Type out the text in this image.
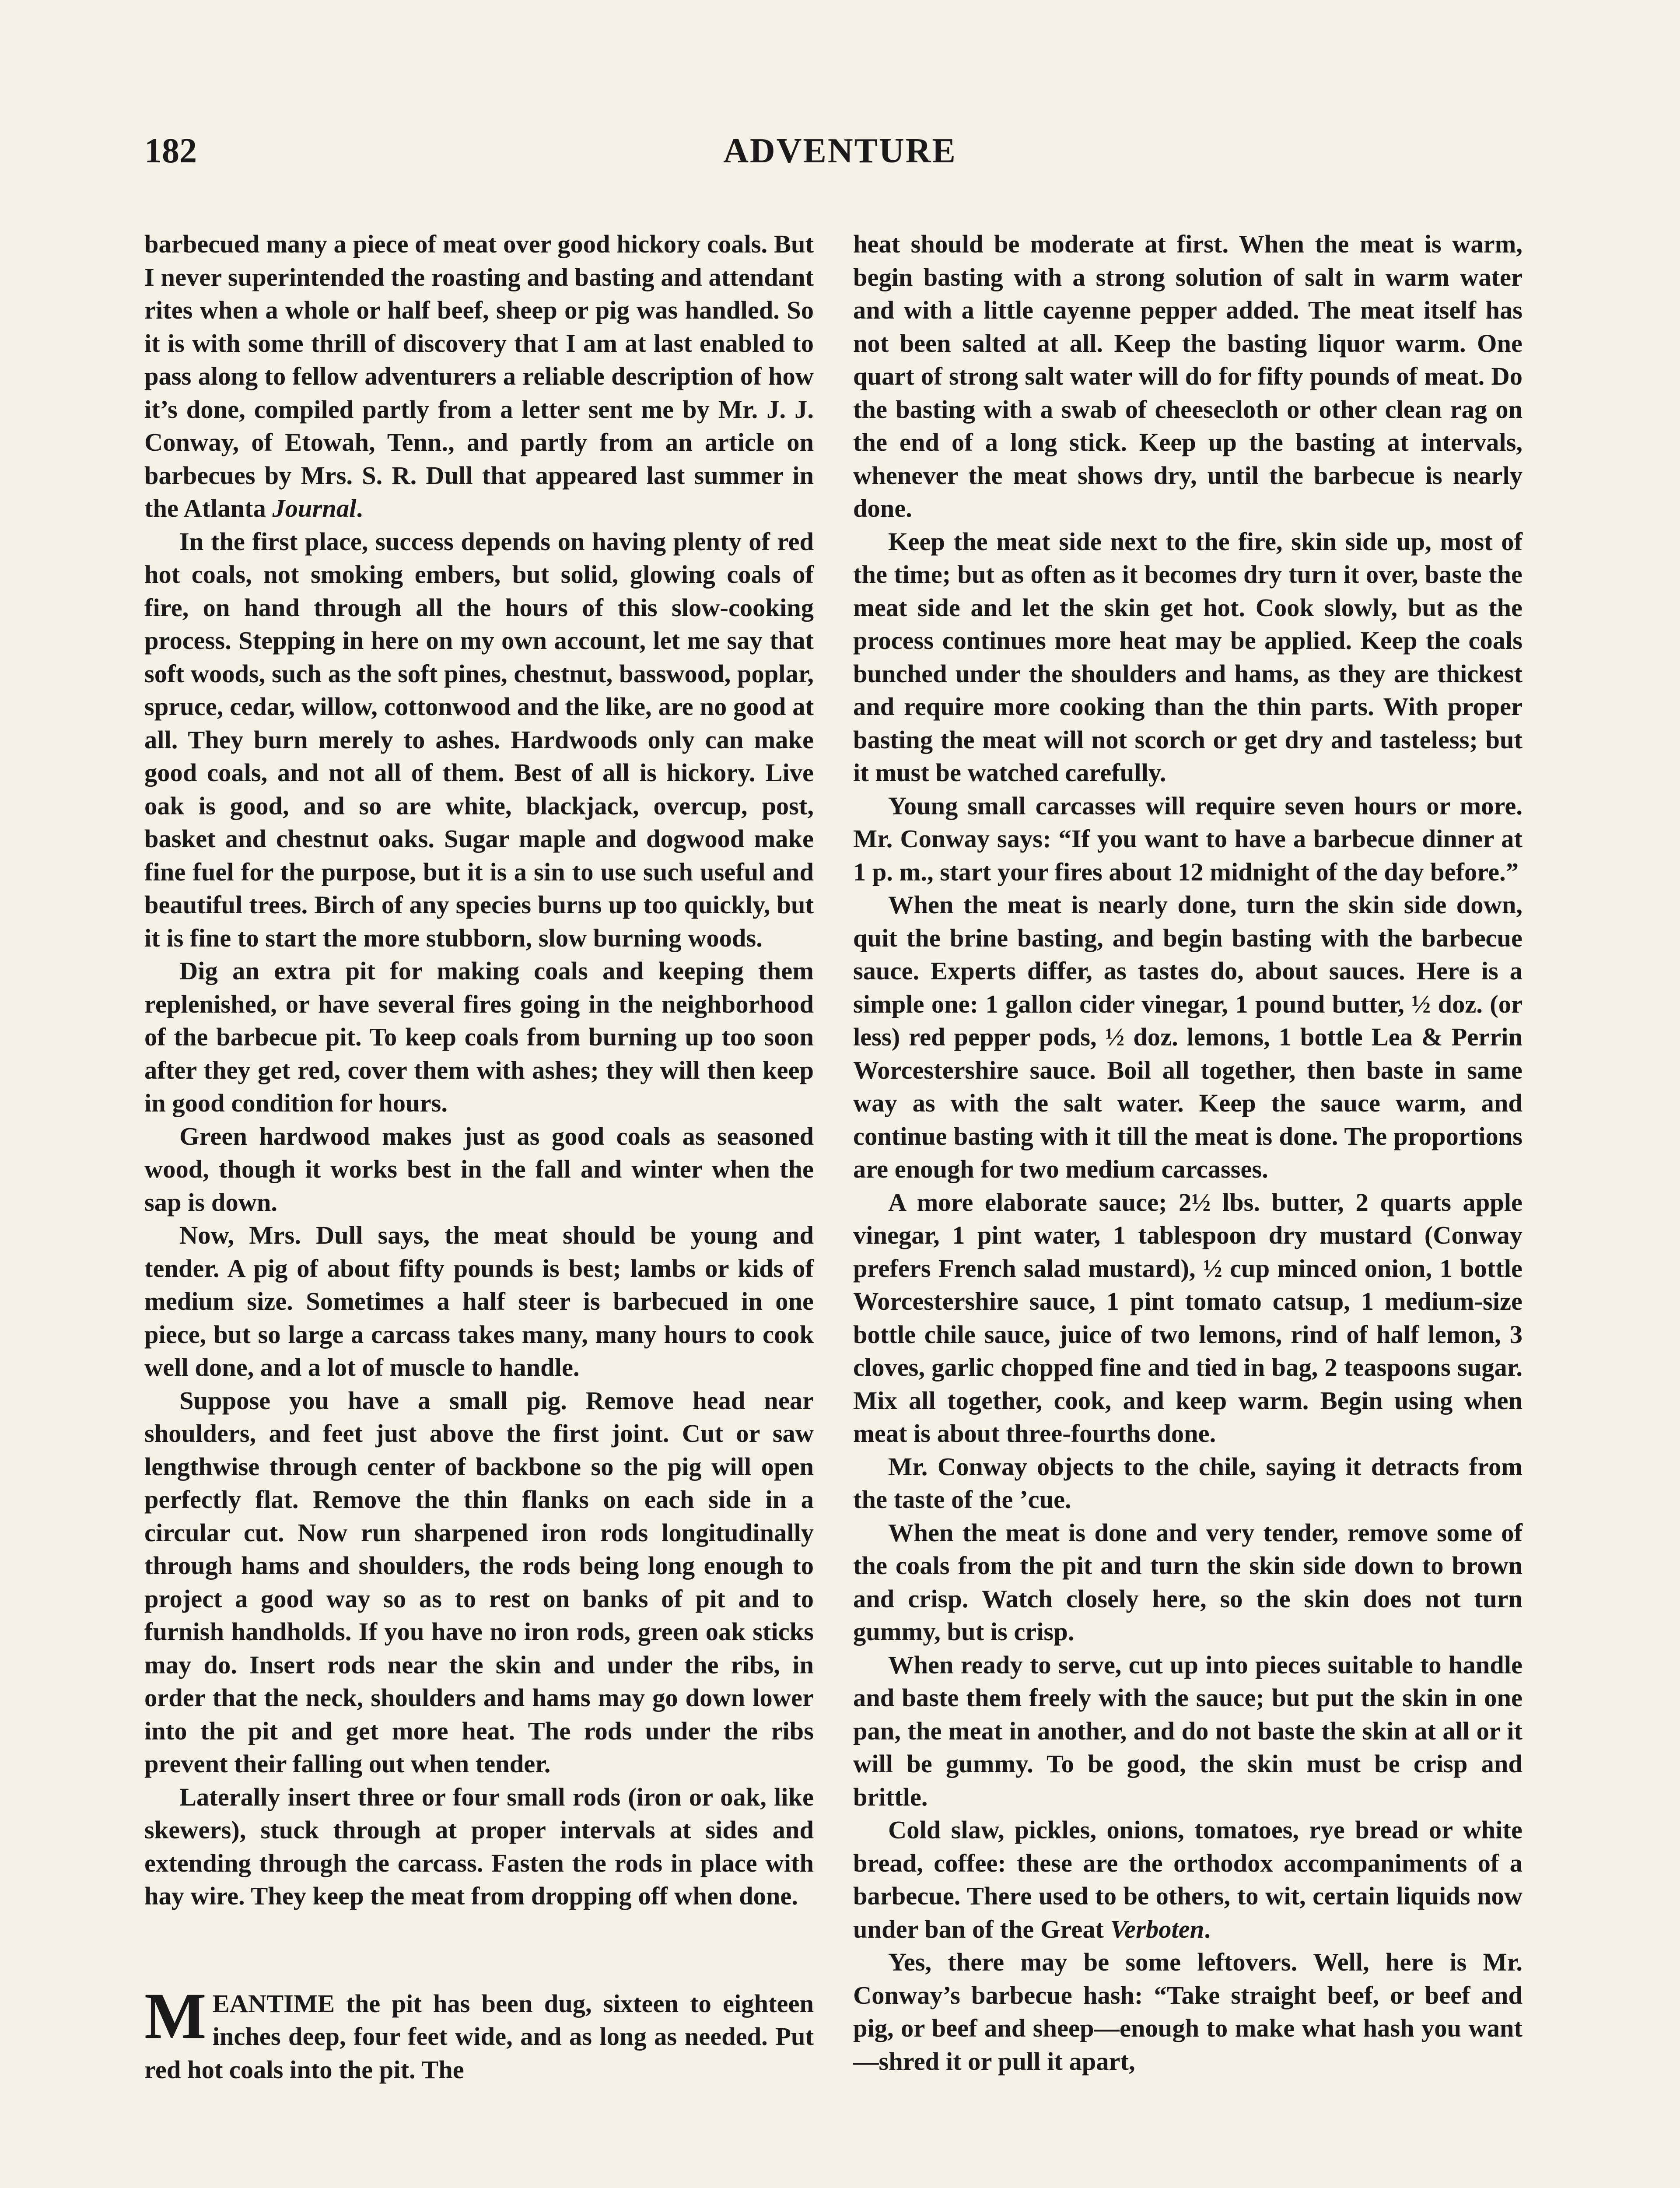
182	ADVENTURE

barbecued many a piece of meat over good hickory coals. But I never superintended the roasting and basting and attendant rites when a whole or half beef, sheep or pig was handled. So it is with some thrill of discovery that I am at last enabled to pass along to fellow adventurers a reliable description of how it’s done, compiled partly from a letter sent me by Mr. J. J. Conway, of Etowah, Tenn., and partly from an article on barbecues by Mrs. S. R. Dull that appeared last summer in the Atlanta Journal.

In the first place, success depends on having plenty of red hot coals, not smoking embers, but solid, glowing coals of fire, on hand through all the hours of this slow-cooking process. Stepping in here on my own account, let me say that soft woods, such as the soft pines, chestnut, basswood, poplar, spruce, cedar, willow, cottonwood and the like, are no good at all. They burn merely to ashes. Hardwoods only can make good coals, and not all of them. Best of all is hickory. Live oak is good, and so are white, blackjack, overcup, post, basket and chestnut oaks. Sugar maple and dogwood make fine fuel for the purpose, but it is a sin to use such useful and beautiful trees. Birch of any species burns up too quickly, but it is fine to start the more stubborn, slow burning woods.

Dig an extra pit for making coals and keeping them replenished, or have several fires going in the neighborhood of the barbecue pit. To keep coals from burning up too soon after they get red, cover them with ashes; they will then keep in good condition for hours.

Green hardwood makes just as good coals as seasoned wood, though it works best in the fall and winter when the sap is down.

Now, Mrs. Dull says, the meat should be young and tender. A pig of about fifty pounds is best; lambs or kids of medium size. Sometimes a half steer is barbecued in one piece, but so large a carcass takes many, many hours to cook well done, and a lot of muscle to handle.

Suppose you have a small pig. Remove head near shoulders, and feet just above the first joint. Cut or saw lengthwise through center of backbone so the pig will open perfectly flat. Remove the thin flanks on each side in a circular cut. Now run sharpened iron rods longitudinally through hams and shoulders, the rods being long enough to project a good way so as to rest on banks of pit and to furnish handholds. If you have no iron rods, green oak sticks may do. Insert rods near the skin and under the ribs, in order that the neck, shoulders and hams may go down lower into the pit and get more heat. The rods under the ribs prevent their falling out when tender.

Laterally insert three or four small rods (iron or oak, like skewers), stuck through at proper intervals at sides and extending through the carcass. Fasten the rods in place with hay wire. They keep the meat from dropping off when done.

MEANTIME the pit has been dug, sixteen to eighteen inches deep, four feet wide, and as long as needed. Put red hot coals into the pit. The

heat should be moderate at first. When the meat is warm, begin basting with a strong solution of salt in warm water and with a little cayenne pepper added. The meat itself has not been salted at all. Keep the basting liquor warm. One quart of strong salt water will do for fifty pounds of meat. Do the basting with a swab of cheesecloth or other clean rag on the end of a long stick. Keep up the basting at intervals, whenever the meat shows dry, until the barbecue is nearly done.

Keep the meat side next to the fire, skin side up, most of the time; but as often as it becomes dry turn it over, baste the meat side and let the skin get hot. Cook slowly, but as the process continues more heat may be applied. Keep the coals bunched under the shoulders and hams, as they are thickest and require more cooking than the thin parts. With proper basting the meat will not scorch or get dry and tasteless; but it must be watched carefully.

Young small carcasses will require seven hours or more. Mr. Conway says: “If you want to have a barbecue dinner at 1 p. m., start your fires about 12 midnight of the day before.”

When the meat is nearly done, turn the skin side down, quit the brine basting, and begin basting with the barbecue sauce. Experts differ, as tastes do, about sauces. Here is a simple one: 1 gallon cider vinegar, 1 pound butter, ½ doz. (or less) red pepper pods, ½ doz. lemons, 1 bottle Lea & Perrin Worcestershire sauce. Boil all together, then baste in same way as with the salt water. Keep the sauce warm, and continue basting with it till the meat is done. The proportions are enough for two medium carcasses.

A more elaborate sauce; 2½ lbs. butter, 2 quarts apple vinegar, 1 pint water, 1 tablespoon dry mustard (Conway prefers French salad mustard), ½ cup minced onion, 1 bottle Worcestershire sauce, 1 pint tomato catsup, 1 medium-size bottle chile sauce, juice of two lemons, rind of half lemon, 3 cloves, garlic chopped fine and tied in bag, 2 teaspoons sugar. Mix all together, cook, and keep warm. Begin using when meat is about three-fourths done.

Mr. Conway objects to the chile, saying it detracts from the taste of the ’cue.

When the meat is done and very tender, remove some of the coals from the pit and turn the skin side down to brown and crisp. Watch closely here, so the skin does not turn gummy, but is crisp.

When ready to serve, cut up into pieces suitable to handle and baste them freely with the sauce; but put the skin in one pan, the meat in another, and do not baste the skin at all or it will be gummy. To be good, the skin must be crisp and brittle.

Cold slaw, pickles, onions, tomatoes, rye bread or white bread, coffee: these are the orthodox accompaniments of a barbecue. There used to be others, to wit, certain liquids now under ban of the Great Verboten.

Yes, there may be some leftovers. Well, here is Mr. Conway’s barbecue hash: “Take straight beef, or beef and pig, or beef and sheep—enough to make what hash you want—shred it or pull it apart,
